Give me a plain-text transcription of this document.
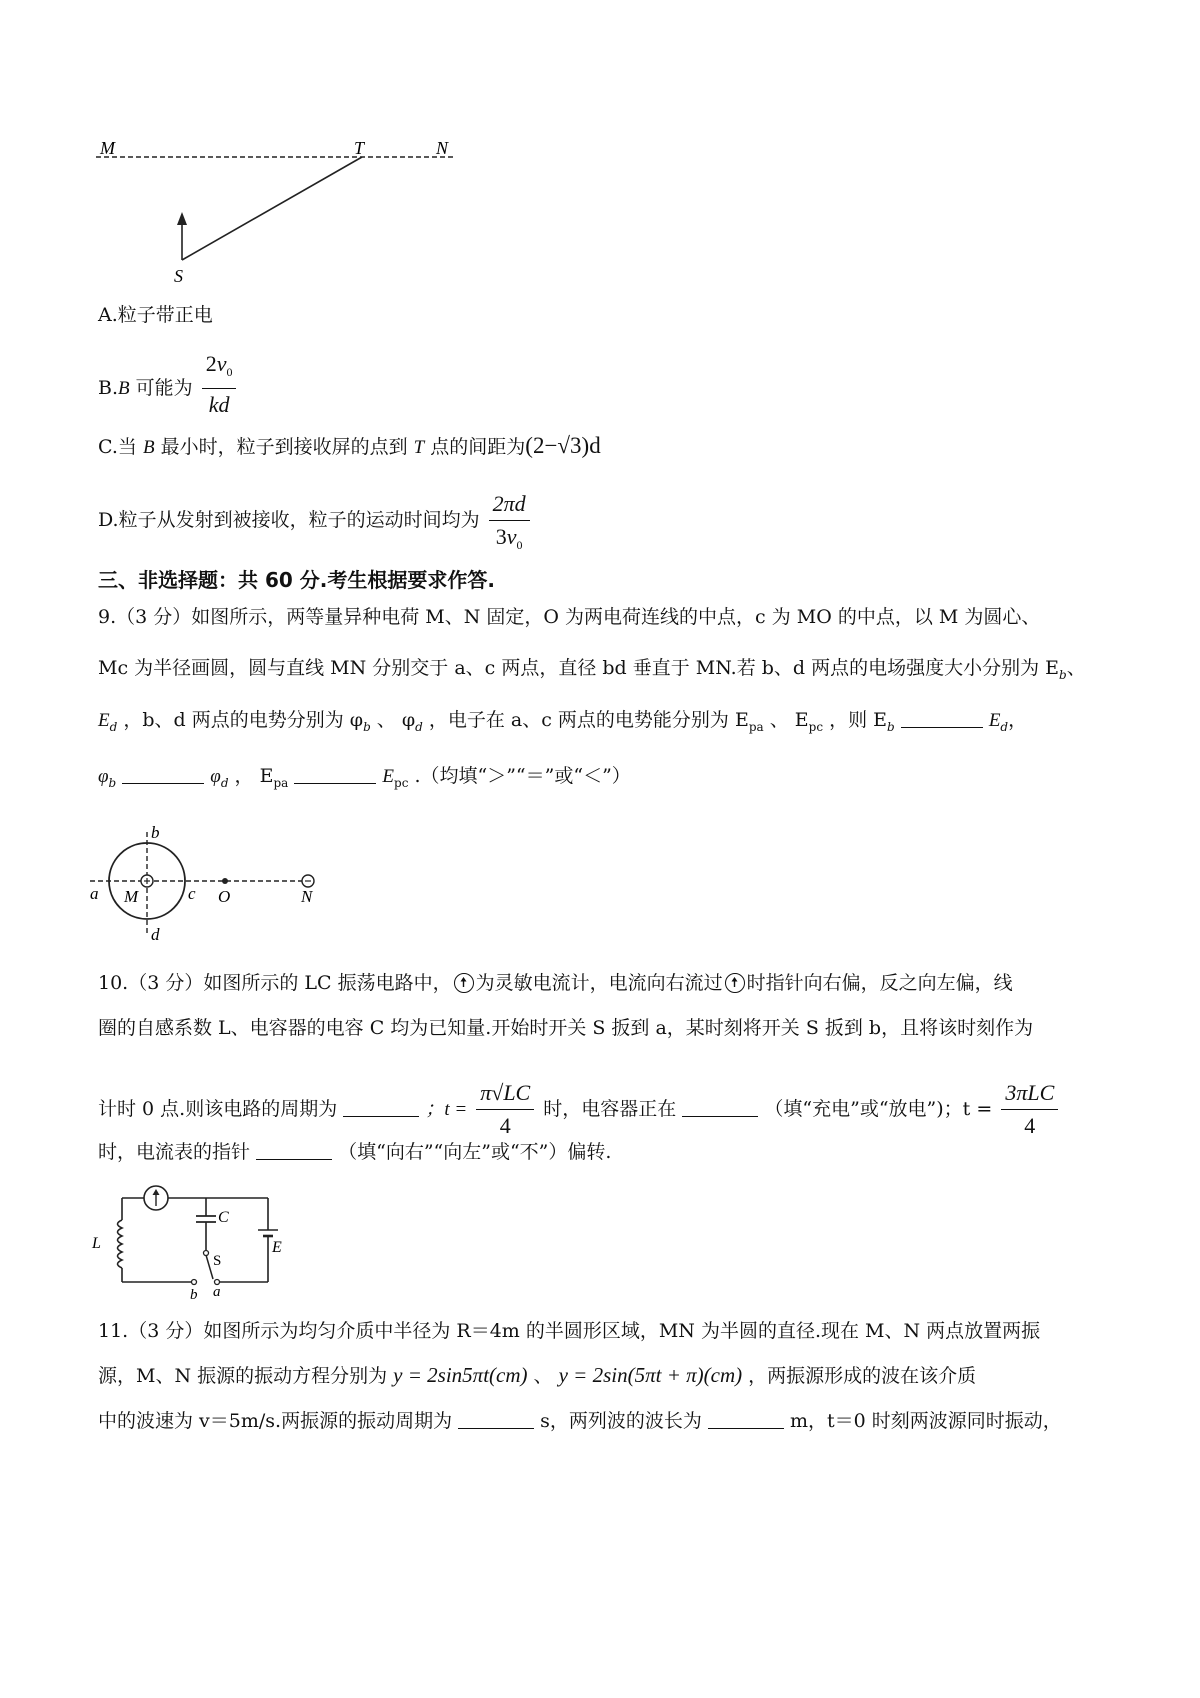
M	T	N
S
A.粒子带正电
B.B 可能为 $\frac{2v_0}{kd}$
C.当 B 最小时，粒子到接收屏的点到 T 点的间距为(2−√3)d
D.粒子从发射到被接收，粒子的运动时间均为 $\frac{2\pi d}{3v_0}$
三、非选择题：共 60 分.考生根据要求作答.
9.（3 分）如图所示，两等量异种电荷 M、N 固定，O 为两电荷连线的中点，c 为 MO 的中点，以 M 为圆心、
Mc 为半径画圆，圆与直线 MN 分别交于 a、c 两点，直径 bd 垂直于 MN.若 b、d 两点的电场强度大小分别为 $E_b$、
$E_d$ ，b、d 两点的电势分别为 $\varphi_b$ 、 $\varphi_d$ ，电子在 a、c 两点的电势能分别为 $E_{pa}$ 、 $E_{pc}$ ，则 $E_b$	$E_d$，
$\varphi_b$	$\varphi_d$ ， $E_{pa}$	$E_{pc}$ .（均填“＞”“＝”或“＜”）
b
d
a M	c O	N
10.（3 分）如图所示的 LC 振荡电路中， 为灵敏电流计，电流向右流过 时指针向右偏，反之向左偏，线
圈的自感系数 L、电容器的电容 C 均为已知量.开始时开关 S 扳到 a，某时刻将开关 S 扳到 b，且将该时刻作为
计时 0 点.则该电路的周期为	；$t = \frac{\pi√LC}{4}$ 时，电容器正在	（填“充电”或“放电”)；$t = \frac{\text{3πLC}}{4}$
时，电流表的指针	（填“向右”“向左”或“不”）偏转.
L
C
S
E
b a
11.（3 分）如图所示为均匀介质中半径为 R＝4m 的半圆形区域，MN 为半圆的直径.现在 M、N 两点放置两振
源，M、N 振源的振动方程分别为 y = 2sin5πt(cm) 、 y = 2sin(5πt + π)(cm) ，两振源形成的波在该介质
中的波速为 v＝5m/s.两振源的振动周期为	s，两列波的波长为	m，t＝0 时刻两波源同时振动，
